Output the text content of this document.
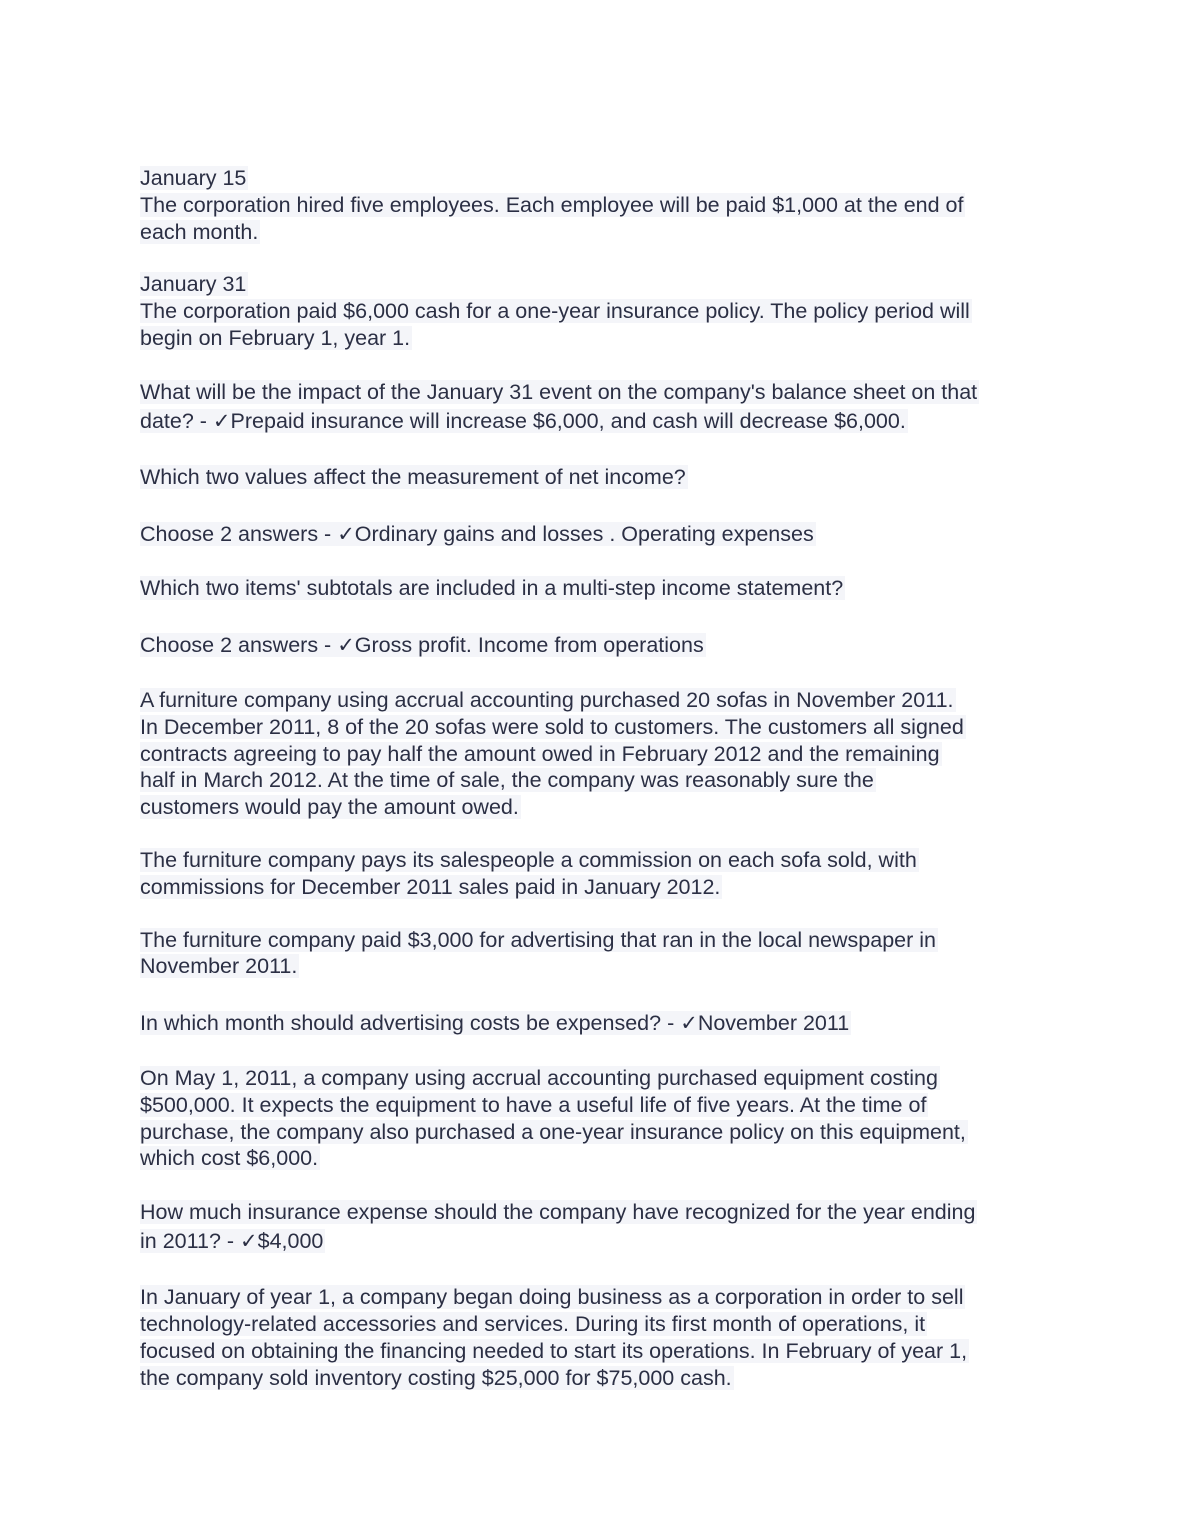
January 15
The corporation hired five employees. Each employee will be paid $1,000 at the end of
each month.
January 31
The corporation paid $6,000 cash for a one-year insurance policy. The policy period will
begin on February 1, year 1.
What will be the impact of the January 31 event on the company's balance sheet on that
date? - ✓Prepaid insurance will increase $6,000, and cash will decrease $6,000.
Which two values affect the measurement of net income?
Choose 2 answers - ✓Ordinary gains and losses . Operating expenses
Which two items' subtotals are included in a multi-step income statement?
Choose 2 answers - ✓Gross profit. Income from operations
A furniture company using accrual accounting purchased 20 sofas in November 2011.
In December 2011, 8 of the 20 sofas were sold to customers. The customers all signed
contracts agreeing to pay half the amount owed in February 2012 and the remaining
half in March 2012. At the time of sale, the company was reasonably sure the
customers would pay the amount owed.
The furniture company pays its salespeople a commission on each sofa sold, with
commissions for December 2011 sales paid in January 2012.
The furniture company paid $3,000 for advertising that ran in the local newspaper in
November 2011.
In which month should advertising costs be expensed? - ✓November 2011
On May 1, 2011, a company using accrual accounting purchased equipment costing
$500,000. It expects the equipment to have a useful life of five years. At the time of
purchase, the company also purchased a one-year insurance policy on this equipment,
which cost $6,000.
How much insurance expense should the company have recognized for the year ending
in 2011? - ✓$4,000
In January of year 1, a company began doing business as a corporation in order to sell
technology-related accessories and services. During its first month of operations, it
focused on obtaining the financing needed to start its operations. In February of year 1,
the company sold inventory costing $25,000 for $75,000 cash.
